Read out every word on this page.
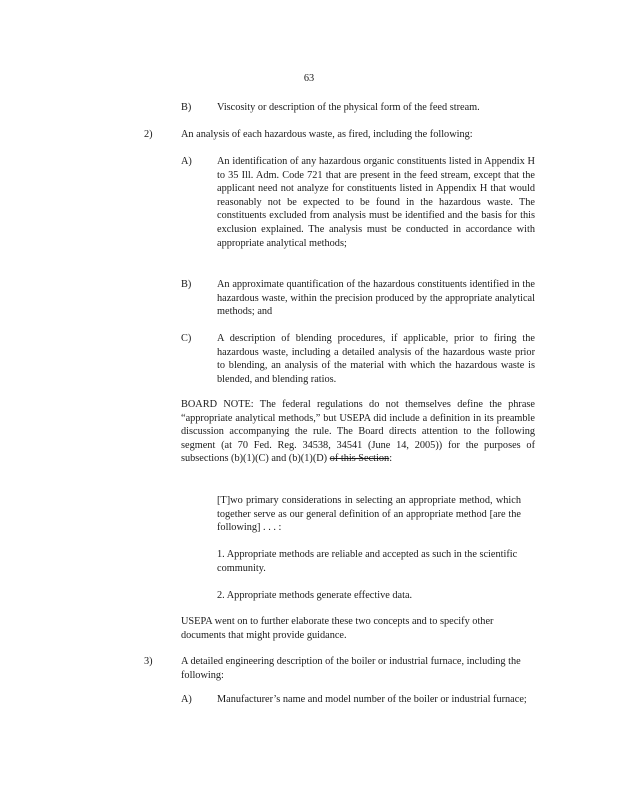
63
B) Viscosity or description of the physical form of the feed stream.
2)	An analysis of each hazardous waste, as fired, including the following:
A) An identification of any hazardous organic constituents listed in Appendix H to 35 Ill. Adm. Code 721 that are present in the feed stream, except that the applicant need not analyze for constituents listed in Appendix H that would reasonably not be expected to be found in the hazardous waste. The constituents excluded from analysis must be identified and the basis for this exclusion explained. The analysis must be conducted in accordance with appropriate analytical methods;
B) An approximate quantification of the hazardous constituents identified in the hazardous waste, within the precision produced by the appropriate analytical methods; and
C) A description of blending procedures, if applicable, prior to firing the hazardous waste, including a detailed analysis of the hazardous waste prior to blending, an analysis of the material with which the hazardous waste is blended, and blending ratios.
BOARD NOTE: The federal regulations do not themselves define the phrase “appropriate analytical methods,” but USEPA did include a definition in its preamble discussion accompanying the rule. The Board directs attention to the following segment (at 70 Fed. Reg. 34538, 34541 (June 14, 2005)) for the purposes of subsections (b)(1)(C) and (b)(1)(D) of this Section:
[T]wo primary considerations in selecting an appropriate method, which together serve as our general definition of an appropriate method [are the following] . . . :
1. Appropriate methods are reliable and accepted as such in the scientific community.
2. Appropriate methods generate effective data.
USEPA went on to further elaborate these two concepts and to specify other documents that might provide guidance.
3)	A detailed engineering description of the boiler or industrial furnace, including the following:
A) Manufacturer’s name and model number of the boiler or industrial furnace;
